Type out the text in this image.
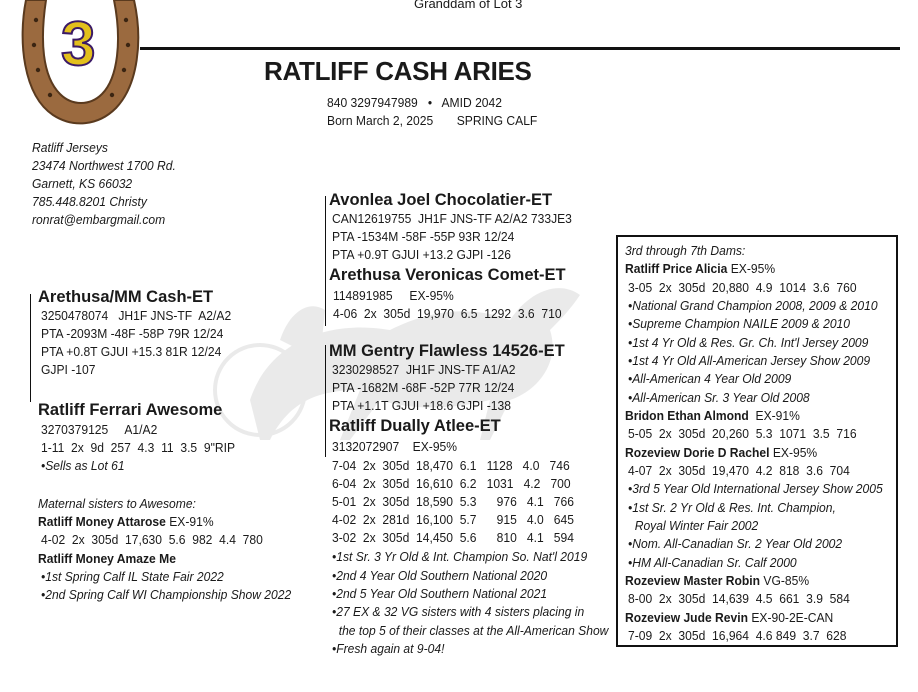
3
Granddam of Lot 3
RATLIFF CASH ARIES
840 3297947989   •   AMID 2042
Born March 2, 2025       SPRING CALF
Ratliff Jerseys
23474 Northwest 1700 Rd.
Garnett, KS 66032
785.448.8201 Christy
ronrat@embargmail.com
Arethusa/MM Cash-ET
3250478074   JH1F JNS-TF  A2/A2
PTA -2093M -48F -58P 79R 12/24
PTA +0.8T GJUI +15.3 81R 12/24
GJPI -107
Ratliff Ferrari Awesome
3270379125     A1/A2
1-11  2x  9d  257  4.3  11  3.5  9"RIP
•Sells as Lot 61
Maternal sisters to Awesome:
Ratliff Money Attarose EX-91%
4-02  2x  305d  17,630  5.6  982  4.4  780
Ratliff Money Amaze Me
•1st Spring Calf IL State Fair 2022
•2nd Spring Calf WI Championship Show 2022
Avonlea Joel Chocolatier-ET
CAN12619755  JH1F JNS-TF A2/A2 733JE3
PTA -1534M -58F -55P 93R 12/24
PTA +0.9T GJUI +13.2 GJPI -126
Arethusa Veronicas Comet-ET
114891985     EX-95%
4-06  2x  305d  19,970  6.5  1292  3.6  710
MM Gentry Flawless 14526-ET
3230298527  JH1F JNS-TF A1/A2
PTA -1682M -68F -52P 77R 12/24
PTA +1.1T GJUI +18.6 GJPI -138
Ratliff Dually Atlee-ET
3132072907    EX-95%
7-04  2x  305d  18,470  6.1   1128   4.0   746
6-04  2x  305d  16,610  6.2   1031   4.2   700
5-01  2x  305d  18,590  5.3      976   4.1   766
4-02  2x  281d  16,100  5.7      915   4.0   645
3-02  2x  305d  14,450  5.6      810   4.1   594
•1st Sr. 3 Yr Old & Int. Champion So. Nat'l 2019
•2nd 4 Year Old Southern National 2020
•2nd 5 Year Old Southern National 2021
•27 EX & 32 VG sisters with 4 sisters placing in
the top 5 of their classes at the All-American Show
•Fresh again at 9-04!
3rd through 7th Dams:
Ratliff Price Alicia EX-95%
3-05  2x  305d  20,880  4.9  1014  3.6  760
•National Grand Champion 2008, 2009 & 2010
•Supreme Champion NAILE 2009 & 2010
•1st 4 Yr Old & Res. Gr. Ch. Int'l Jersey 2009
•1st 4 Yr Old All-American Jersey Show 2009
•All-American 4 Year Old 2009
•All-American Sr. 3 Year Old 2008
Bridon Ethan Almond  EX-91%
5-05  2x  305d  20,260  5.3  1071  3.5  716
Rozeview Dorie D Rachel EX-95%
4-07  2x  305d  19,470  4.2  818  3.6  704
•3rd 5 Year Old International Jersey Show 2005
•1st Sr. 2 Yr Old & Res. Int. Champion,
Royal Winter Fair 2002
•Nom. All-Canadian Sr. 2 Year Old 2002
•HM All-Canadian Sr. Calf 2000
Rozeview Master Robin VG-85%
8-00  2x  305d  14,639  4.5  661  3.9  584
Rozeview Jude Revin EX-90-2E-CAN
7-09  2x  305d  16,964  4.6 849  3.7  628
